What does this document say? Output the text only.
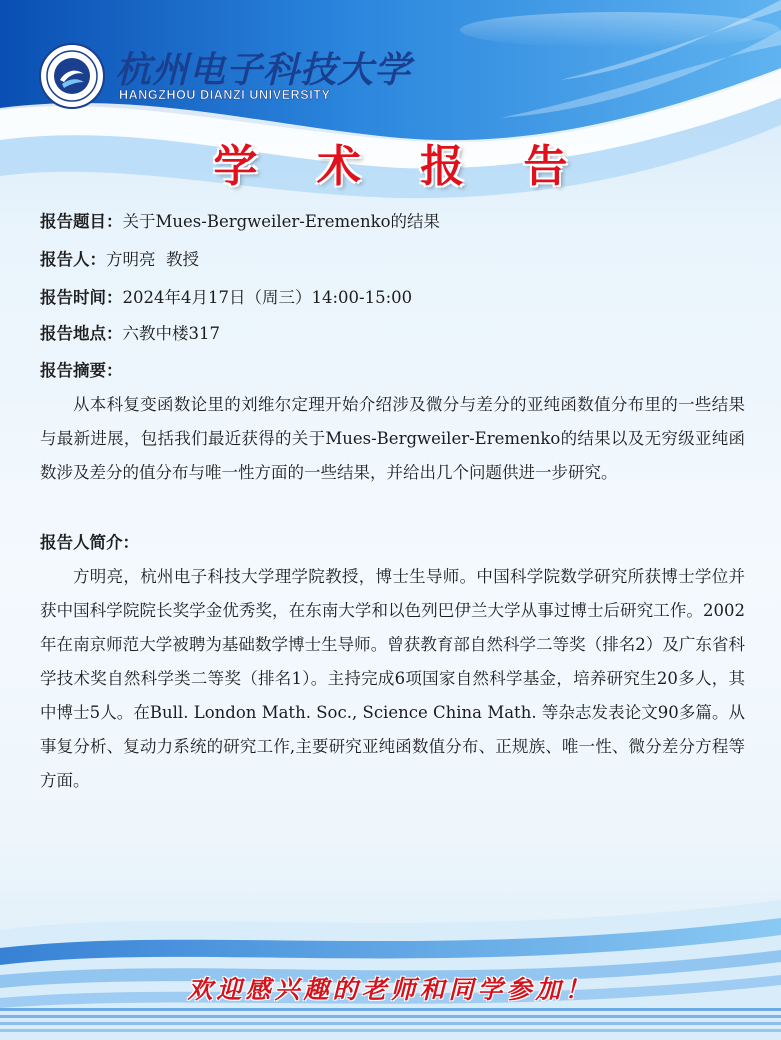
杭州电子科技大学
HANGZHOU DIANZI UNIVERSITY
学 术 报 告
报告题目：关于Mues-Bergweiler-Eremenko的结果
报告人：方明亮  教授
报告时间：2024年4月17日（周三）14:00-15:00
报告地点：六教中楼317
报告摘要：

从本科复变函数论里的刘维尔定理开始介绍涉及微分与差分的亚纯函数值分布里的一些结果与最新进展，包括我们最近获得的关于Mues-Bergweiler-Eremenko的结果以及无穷级亚纯函数涉及差分的值分布与唯一性方面的一些结果，并给出几个问题供进一步研究。

报告人简介：

方明亮，杭州电子科技大学理学院教授，博士生导师。中国科学院数学研究所获博士学位并获中国科学院院长奖学金优秀奖，在东南大学和以色列巴伊兰大学从事过博士后研究工作。2002年在南京师范大学被聘为基础数学博士生导师。曾获教育部自然科学二等奖（排名2）及广东省科学技术奖自然科学类二等奖（排名1）。主持完成6项国家自然科学基金，培养研究生20多人，其中博士5人。在Bull. London Math. Soc., Science China Math. 等杂志发表论文90多篇。从事复分析、复动力系统的研究工作,主要研究亚纯函数值分布、正规族、唯一性、微分差分方程等方面。

欢迎感兴趣的老师和同学参加！
